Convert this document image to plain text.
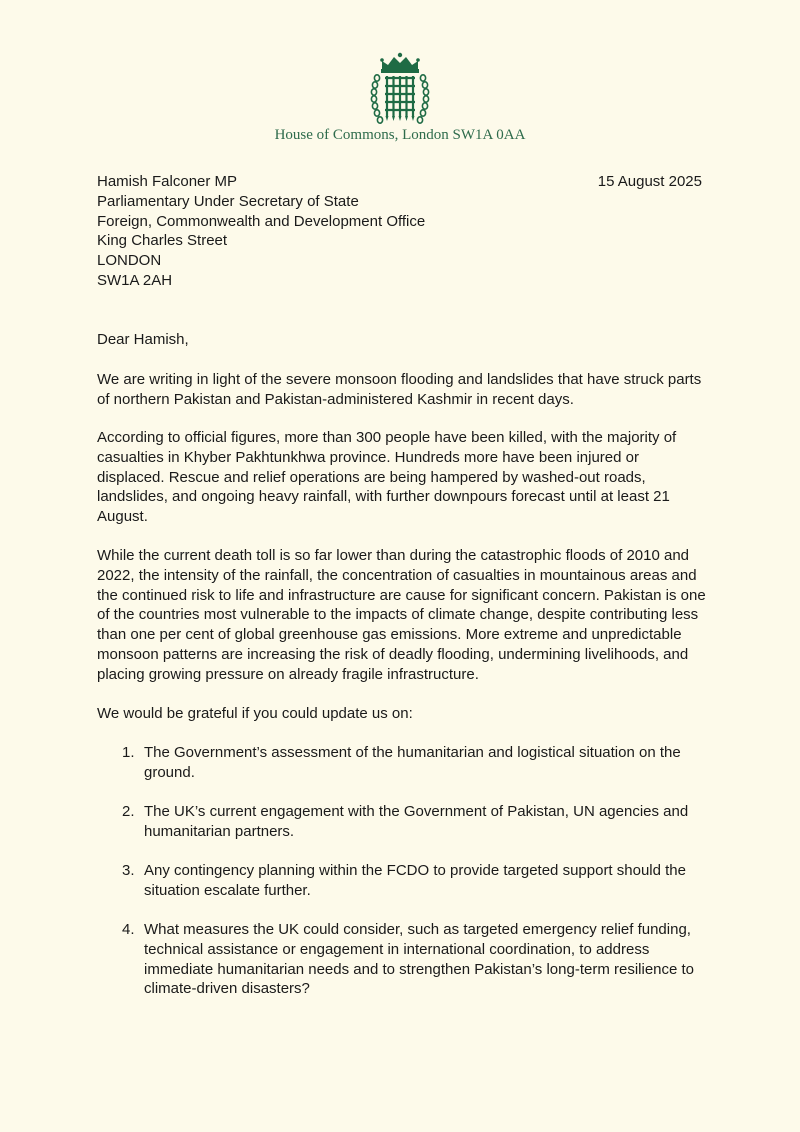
House of Commons, London SW1A 0AA
Hamish Falconer MP
Parliamentary Under Secretary of State
Foreign, Commonwealth and Development Office
King Charles Street
LONDON
SW1A 2AH
15 August 2025
Dear Hamish,

We are writing in light of the severe monsoon flooding and landslides that have struck parts of northern Pakistan and Pakistan-administered Kashmir in recent days.

According to official figures, more than 300 people have been killed, with the majority of casualties in Khyber Pakhtunkhwa province. Hundreds more have been injured or displaced. Rescue and relief operations are being hampered by washed-out roads, landslides, and ongoing heavy rainfall, with further downpours forecast until at least 21 August.

While the current death toll is so far lower than during the catastrophic floods of 2010 and 2022, the intensity of the rainfall, the concentration of casualties in mountainous areas and the continued risk to life and infrastructure are cause for significant concern. Pakistan is one of the countries most vulnerable to the impacts of climate change, despite contributing less than one per cent of global greenhouse gas emissions. More extreme and unpredictable monsoon patterns are increasing the risk of deadly flooding, undermining livelihoods, and placing growing pressure on already fragile infrastructure.

We would be grateful if you could update us on:

1. The Government’s assessment of the humanitarian and logistical situation on the ground.
2. The UK’s current engagement with the Government of Pakistan, UN agencies and humanitarian partners.
3. Any contingency planning within the FCDO to provide targeted support should the situation escalate further.
4. What measures the UK could consider, such as targeted emergency relief funding, technical assistance or engagement in international coordination, to address immediate humanitarian needs and to strengthen Pakistan’s long-term resilience to climate-driven disasters?
